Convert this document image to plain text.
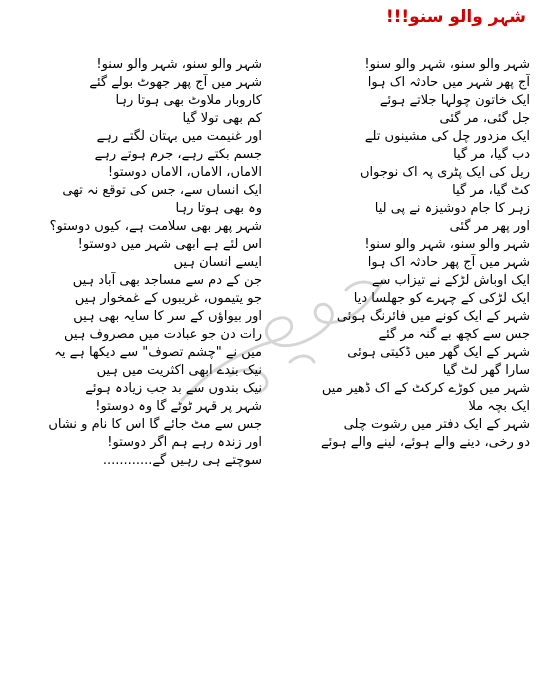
شہر والو سنو!!!
شہر والو سنو، شہر والو سنو!
آج پھر شہر میں حادثہ اک ہوا
ایک خاتون چولہا جلاتے ہوئے
جل گئی، مر گئی
ایک مزدور چل کی مشینوں تلے
دب گیا، مر گیا
ریل کی ایک پٹری پہ اک نوجواں
کٹ گیا، مر گیا
زہر کا جام دوشیزہ نے پی لیا
اور پھر مر گئی
شہر والو سنو، شہر والو سنو!
شہر میں آج پھر حادثہ اک ہوا
ایک اوباش لڑکے نے تیزاب سے
ایک لڑکی کے چہرے کو جھلسا دیا
شہر کے ایک کونے میں فائرنگ ہوئی
جس سے کچھ بے گنہ مر گئے
شہر کے ایک گھر میں ڈکیتی ہوئی
سارا گھر لٹ گیا
شہر میں کوڑے کرکٹ کے اک ڈھیر میں
ایک بچہ ملا
شہر کے ایک دفتر میں رشوت چلی
دو رخی، دینے والے ہوئے، لینے والے ہوئے
شہر والو سنو، شہر والو سنو!
شہر میں آج پھر جھوٹ بولے گئے
کاروبار ملاوٹ بھی ہوتا رہا
کم بھی تولا گیا
اور غنیمت میں بہتان لگتے رہے
جسم بکتے رہے، جرم ہوتے رہے
الاماں، الاماں، الاماں دوستو!
ایک انساں سے، جس کی توقع نہ تھی
وہ بھی ہوتا رہا
شہر پھر بھی سلامت ہے، کیوں دوستو؟
اس لئے ہے ابھی شہر میں دوستو!
ایسے انسان ہیں
جن کے دم سے مساجد بھی آباد ہیں
جو یتیموں، غریبوں کے غمخوار ہیں
اور بیواؤں کے سر کا سایہ بھی ہیں
رات دن جو عبادت میں مصروف ہیں
میں نے "چشم تصوف" سے دیکھا ہے یہ
نیک بندے ابھی اکثریت میں ہیں
نیک بندوں سے بد جب زیادہ ہوئے
شہر پر قہر ٹوٹے گا وہ دوستو!
جس سے مٹ جائے گا اس کا نام و نشاں
اور زندہ رہے ہم اگر دوستو!
سوچتے ہی رہیں گے............
